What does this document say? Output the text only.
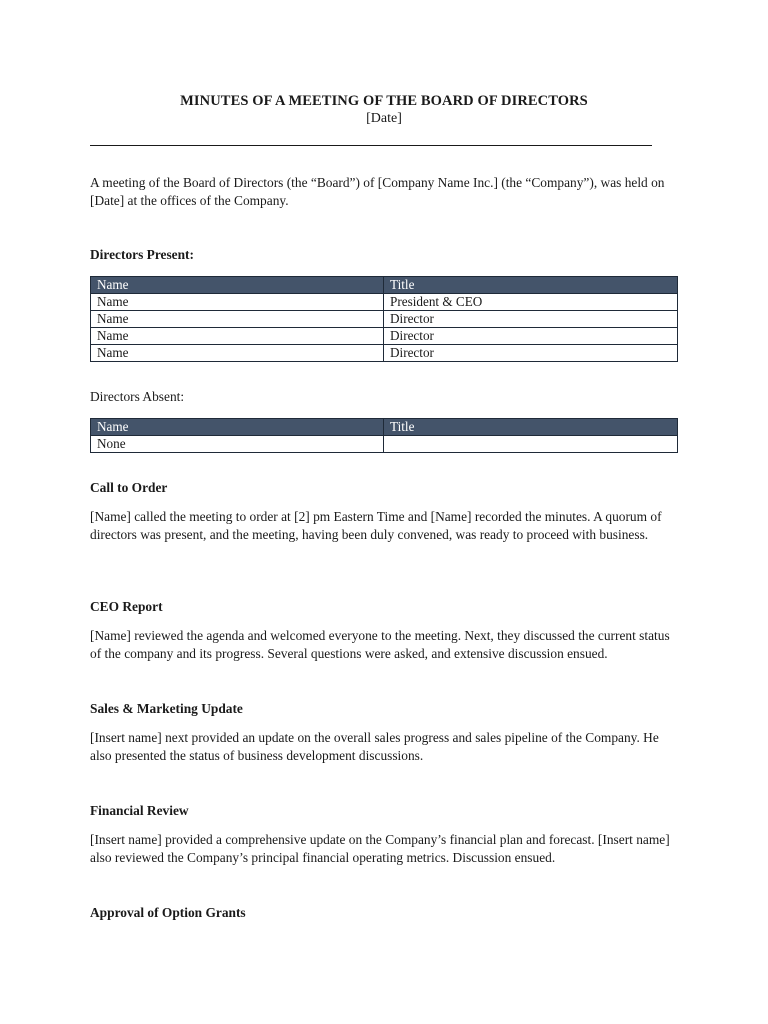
MINUTES OF A MEETING OF THE BOARD OF DIRECTORS
[Date]

A meeting of the Board of Directors (the “Board”) of [Company Name Inc.] (the “Company”), was held on [Date] at the offices of the Company.

Directors Present:
Name	Title
Name	President & CEO
Name	Director
Name	Director
Name	Director
Directors Absent:
Name	Title
None	
Call to Order

[Name] called the meeting to order at [2] pm Eastern Time and [Name] recorded the minutes. A quorum of directors was present, and the meeting, having been duly convened, was ready to proceed with business.

CEO Report

[Name] reviewed the agenda and welcomed everyone to the meeting. Next, they discussed the current status of the company and its progress. Several questions were asked, and extensive discussion ensued.

Sales & Marketing Update

[Insert name] next provided an update on the overall sales progress and sales pipeline of the Company. He also presented the status of business development discussions.

Financial Review

[Insert name] provided a comprehensive update on the Company’s financial plan and forecast. [Insert name] also reviewed the Company’s principal financial operating metrics. Discussion ensued.

Approval of Option Grants
